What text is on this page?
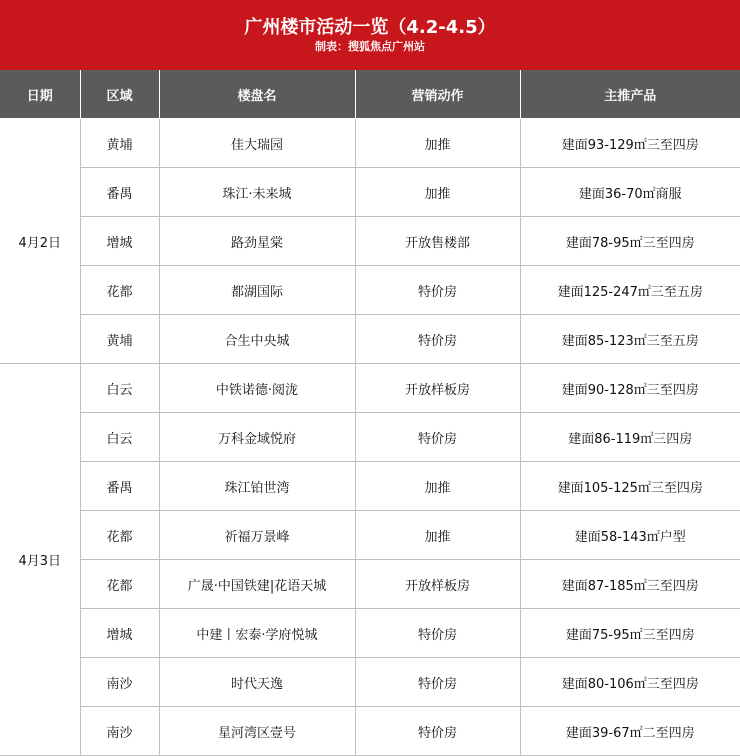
广州楼市活动一览（4.2-4.5）
制表：搜狐焦点广州站
日期	区域	楼盘名	营销动作	主推产品
4月2日	黄埔	佳大瑞园	加推	建面93-129㎡三至四房
	番禺	珠江·未来城	加推	建面36-70㎡商服
	增城	路劲星棠	开放售楼部	建面78-95㎡三至四房
	花都	都湖国际	特价房	建面125-247㎡三至五房
	黄埔	合生中央城	特价房	建面85-123㎡三至五房
4月3日	白云	中铁诺德·阅泷	开放样板房	建面90-128㎡三至四房
	白云	万科金域悦府	特价房	建面86-119㎡三四房
	番禺	珠江铂世湾	加推	建面105-125㎡三至四房
	花都	祈福万景峰	加推	建面58-143㎡户型
	花都	广晟·中国铁建|花语天城	开放样板房	建面87-185㎡三至四房
	增城	中建丨宏泰·学府悦城	特价房	建面75-95㎡三至四房
	南沙	时代天逸	特价房	建面80-106㎡三至四房
	南沙	星河湾区壹号	特价房	建面39-67㎡二至四房
